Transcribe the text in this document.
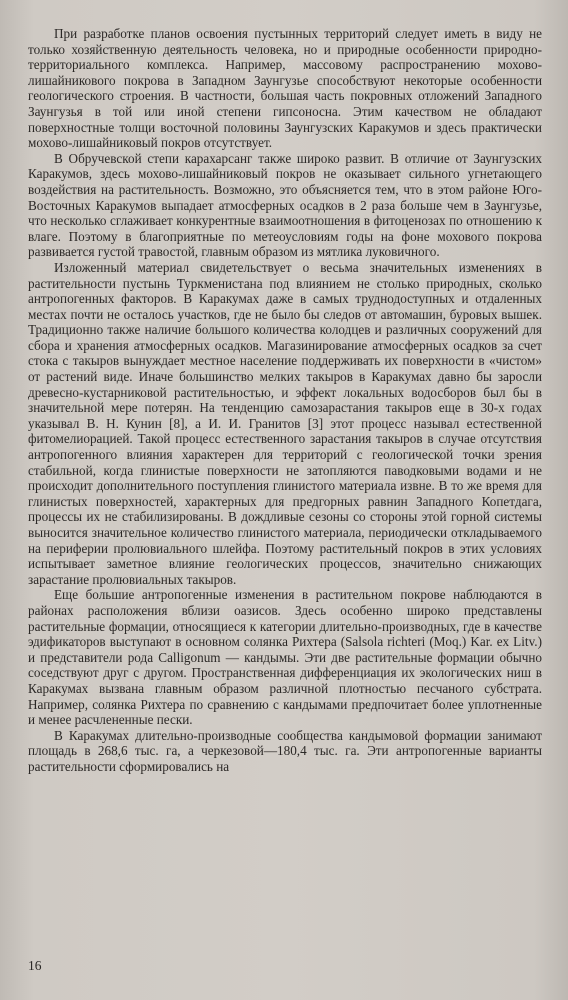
При разработке планов освоения пустынных территорий следует иметь в виду не только хозяйственную деятельность человека, но и природные особенности природно-территориального комплекса. Например, массовому распространению мохово-лишайникового покрова в Западном Заунгузье способствуют некоторые особенности геологического строения. В частности, большая часть покровных отложений Западного Заунгузья в той или иной степени гипсоносна. Этим качеством не обладают поверхностные толщи восточной половины Заунгузских Каракумов и здесь практически мохово-лишайниковый покров отсутствует.

В Обручевской степи карахарсанг также широко развит. В отличие от Заунгузских Каракумов, здесь мохово-лишайниковый покров не оказывает сильного угнетающего воздействия на растительность. Возможно, это объясняется тем, что в этом районе Юго-Восточных Каракумов выпадает атмосферных осадков в 2 раза больше чем в Заунгузье, что несколько сглаживает конкурентные взаимоотношения в фитоценозах по отношению к влаге. Поэтому в благоприятные по метеоусловиям годы на фоне мохового покрова развивается густой травостой, главным образом из мятлика луковичного.

Изложенный материал свидетельствует о весьма значительных изменениях в растительности пустынь Туркменистана под влиянием не столько природных, сколько антропогенных факторов. В Каракумах даже в самых труднодоступных и отдаленных местах почти не осталось участков, где не было бы следов от автомашин, буровых вышек. Традиционно также наличие большого количества колодцев и различных сооружений для сбора и хранения атмосферных осадков. Магазинирование атмосферных осадков за счет стока с такыров вынуждает местное население поддерживать их поверхности в «чистом» от растений виде. Иначе большинство мелких такыров в Каракумах давно бы заросли древесно-кустарниковой растительностью, и эффект локальных водосборов был бы в значительной мере потерян. На тенденцию самозарастания такыров еще в 30-х годах указывал В. Н. Кунин [8], а И. И. Гранитов [3] этот процесс называл естественной фитомелиорацией. Такой процесс естественного зарастания такыров в случае отсутствия антропогенного влияния характерен для территорий с геологической точки зрения стабильной, когда глинистые поверхности не затопляются паводковыми водами и не происходит дополнительного поступления глинистого материала извне. В то же время для глинистых поверхностей, характерных для предгорных равнин Западного Копетдага, процессы их не стабилизированы. В дождливые сезоны со стороны этой горной системы выносится значительное количество глинистого материала, периодически откладываемого на периферии пролювиального шлейфа. Поэтому растительный покров в этих условиях испытывает заметное влияние геологических процессов, значительно снижающих зарастание пролювиальных такыров.

Еще большие антропогенные изменения в растительном покрове наблюдаются в районах расположения вблизи оазисов. Здесь особенно широко представлены растительные формации, относящиеся к категории длительно-производных, где в качестве эдификаторов выступают в основном солянка Рихтера (Salsola richteri (Moq.) Kar. ex Litv.) и представители рода Calligonum — кандымы. Эти две растительные формации обычно соседствуют друг с другом. Пространственная дифференциация их экологических ниш в Каракумах вызвана главным образом различной плотностью песчаного субстрата. Например, солянка Рихтера по сравнению с кандымами предпочитает более уплотненные и менее расчлененные пески.

В Каракумах длительно-производные сообщества кандымовой формации занимают площадь в 268,6 тыс. га, а черкезовой—180,4 тыс. га. Эти антропогенные варианты растительности сформировались на

16
